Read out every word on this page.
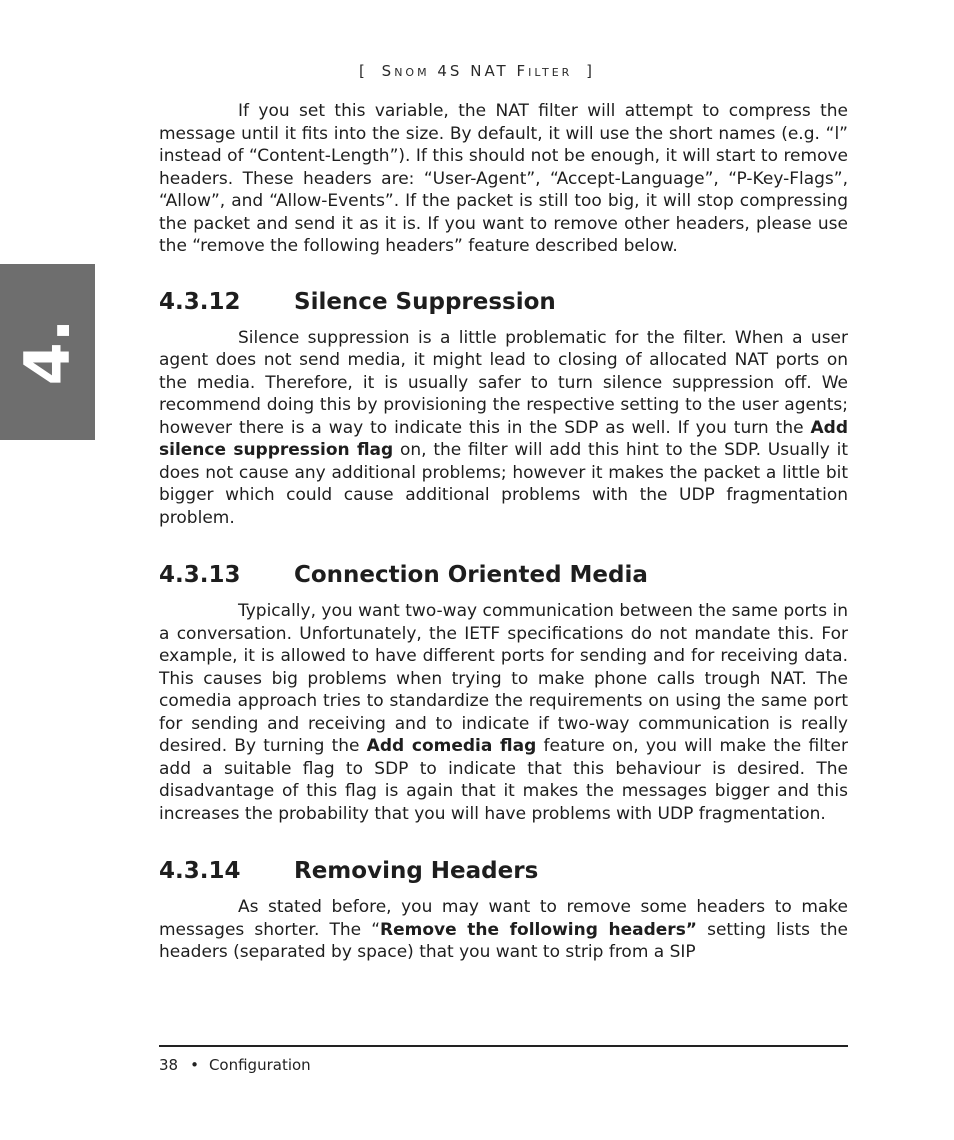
[ SNOM 4S NAT FILTER ]
4.

If you set this variable, the NAT filter will attempt to compress the message until it fits into the size. By default, it will use the short names (e.g. “l” instead of “Content-Length”). If this should not be enough, it will start to remove headers. These headers are: “User-Agent”, “Accept-Language”, “P-Key-Flags”, “Allow”, and “Allow-Events”. If the packet is still too big, it will stop compressing the packet and send it as it is. If you want to remove other headers, please use the “remove the following headers” feature described below.

4.3.12	Silence Suppression

Silence suppression is a little problematic for the filter. When a user agent does not send media, it might lead to closing of allocated NAT ports on the media. Therefore, it is usually safer to turn silence suppression off. We recommend doing this by provisioning the respective setting to the user agents; however there is a way to indicate this in the SDP as well. If you turn the Add silence suppression flag on, the filter will add this hint to the SDP. Usually it does not cause any additional problems; however it makes the packet a little bit bigger which could cause additional problems with the UDP fragmentation problem.

4.3.13	Connection Oriented Media

Typically, you want two-way communication between the same ports in a conversation. Unfortunately, the IETF specifications do not mandate this. For example, it is allowed to have different ports for sending and for receiving data. This causes big problems when trying to make phone calls trough NAT. The comedia approach tries to standardize the requirements on using the same port for sending and receiving and to indicate if two-way communication is really desired. By turning the Add comedia flag feature on, you will make the filter add a suitable flag to SDP to indicate that this behaviour is desired. The disadvantage of this flag is again that it makes the messages bigger and this increases the probability that you will have problems with UDP fragmentation.

4.3.14	Removing Headers

As stated before, you may want to remove some headers to make messages shorter. The “Remove the following headers” setting lists the headers (separated by space) that you want to strip from a SIP

38 • Configuration
